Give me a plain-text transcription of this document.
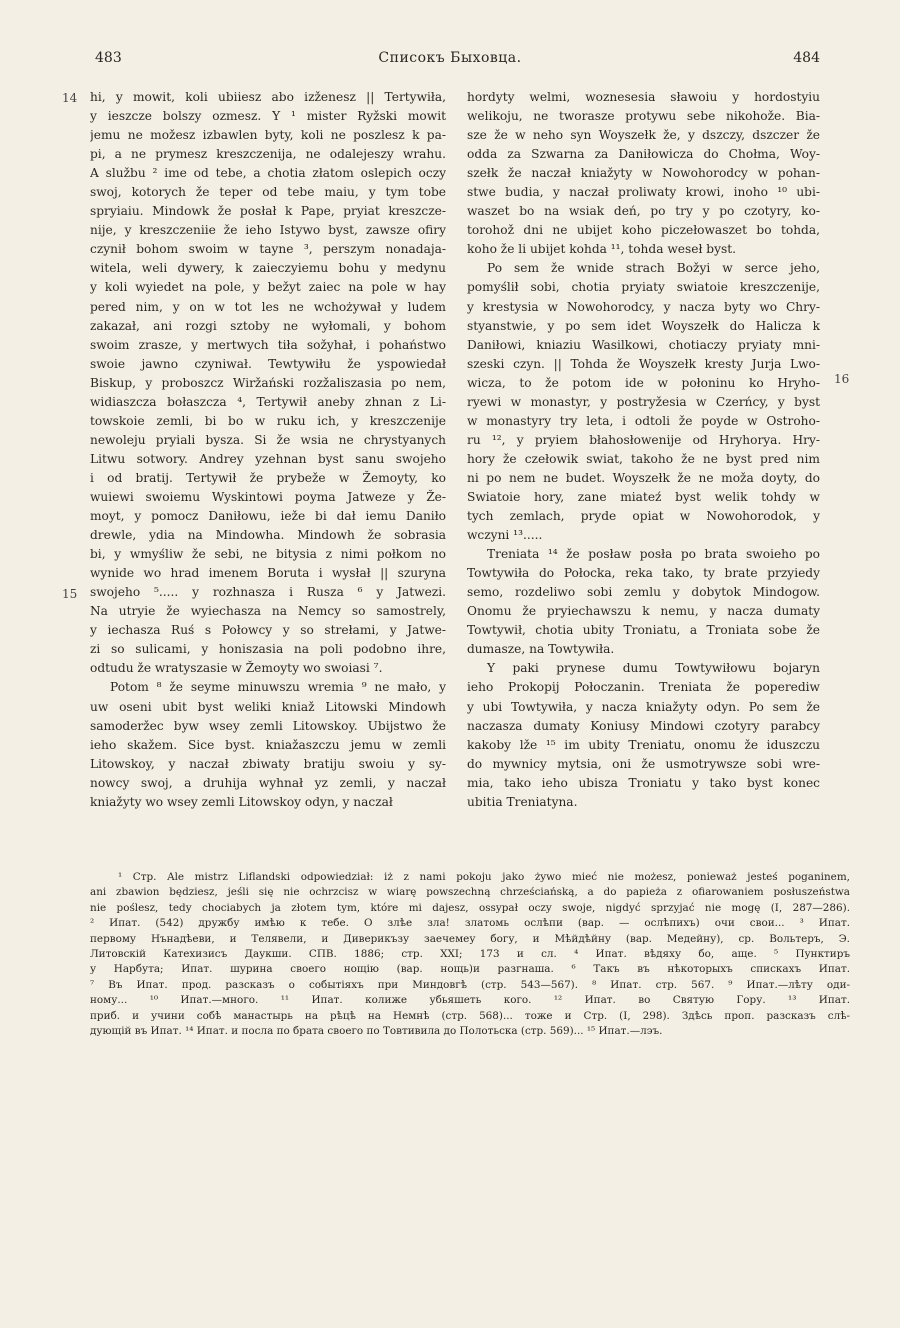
483	Списокъ Быховца.	484
14
15
16
hi, y mowit, koli ubiiesz abo izženesz || Tertywiła,
y ieszcze bolszy ozmesz. Y ¹ mister Ryžski mowit
jemu ne možesz izbawlen byty, koli ne poszlesz k pa-
pi, a ne prymesz kreszczenija, ne odalejeszy wrahu.
A službu ² ime od tebe, a chotia złatom oslepich oczy
swoj, kotorych že teper od tebe maiu, y tym tobe
spryiaiu. Mindowk že posłał k Pape, pryiat kreszcze-
nije, y kreszczeniie že ieho Istywo byst, zawsze ofiry
czynił bohom swoim w tayne ³, perszym nonadaja-
witela, weli dywery, k zaieczyiemu bohu y medynu
y koli wyiedet na pole, y bežyt zaiec na pole w hay
pered nim, y on w tot les ne wchożywał y ludem
zakazał, ani rozgi sztoby ne wyłomali, y bohom
swoim zrasze, y mertwych tiła sožyhał, i pohaństwo
swoie jawno czyniwał. Tewtywiłu že yspowiedał
Biskup, y proboszcz Wiržański rozžaliszasia po nem,
widiaszcza bołaszcza ⁴, Tertywił aneby zhnan z Li-
towskoie zemli, bi bo w ruku ich, y kreszczenije
newoleju pryiali bysza. Si že wsia ne chrystyanych
Litwu sotwory. Andrey yzehnan byst sanu swojeho
i od bratij. Tertywił že prybeže w Žemoyty, ko
wuiewi swoiemu Wyskintowi poyma Jatweze y Že-
moyt, y pomocz Daniłowu, ieže bi dał iemu Daniło
drewle, ydia na Mindowha. Mindowh že sobrasia
bi, y wmyśliw že sebi, ne bitysia z nimi połkom no
wynide wo hrad imenem Boruta i wysłał || szuryna
swojeho ⁵..... y rozhnasza i Rusza ⁶ y Jatwezi.
Na utryie že wyiechasza na Nemcy so samostrely,
y iechasza Ruś s Połowcy y so strełami, y Jatwe-
zi so sulicami, y honiszasia na poli podobno ihre,
odtudu že wratyszasie w Žemoyty wo swoiasi ⁷.
Potom ⁸ že seyme minuwszu wremia ⁹ ne mało, y
uw oseni ubit byst weliki kniaž Litowski Mindowh
samoderžec byw wsey zemli Litowskoy. Ubijstwo že
ieho skažem. Sice byst. kniažaszczu jemu w zemli
Litowskoy, y naczał zbiwaty bratiju swoiu y sy-
nowcy swoj, a druhija wyhnał yz zemli, y naczał
kniažyty wo wsey zemli Litowskoy odyn, y naczał
hordyty welmi, woznesesia sławoiu y hordostyiu
welikoju, ne tworasze protywu sebe nikohože. Bia-
sze že w neho syn Woyszełk že, y dszczy, dszczer že
odda za Szwarna za Daniłowicza do Chołma, Woy-
szełk že naczał kniažyty w Nowohorodcy w pohan-
stwe budia, y naczał proliwaty krowi, inoho ¹⁰ ubi-
waszet bo na wsiak deń, po try y po czotyry, ko-
torohož dni ne ubijet koho piczełowaszet bo tohda,
koho že li ubijet kohda ¹¹, tohda weseł byst.
Po sem že wnide strach Božyi w serce jeho,
pomyślił sobi, chotia pryiaty swiatoie kreszczenije,
y krestysia w Nowohorodcy, y nacza byty wo Chry-
styanstwie, y po sem idet Woyszełk do Halicza k
Daniłowi, kniaziu Wasilkowi, chotiaczy pryiaty mni-
szeski czyn. || Tohda že Woyszełk kresty Jurja Lwo-
wicza, to že potom ide w połoninu ko Hryho-
ryewi w monastyr, y postryžesia w Czerńcy, y byst
w monastyry try leta, i odtoli že poyde w Ostroho-
ru ¹², y pryiem błahosłowenije od Hryhorya. Hry-
hory že czełowik swiat, takoho že ne byst pred nim
ni po nem ne budet. Woyszełk že ne moža doyty, do
Swiatoie hory, zane miateź byst welik tohdy w
tych zemlach, pryde opiat w Nowohorodok, y
wczyni ¹³.....
Treniata ¹⁴ že posław posła po brata swoieho po
Towtywiła do Połocka, reka tako, ty brate przyiedy
semo, rozdeliwo sobi zemlu y dobytok Mindogow.
Onomu že pryiechawszu k nemu, y nacza dumaty
Towtywił, chotia ubity Troniatu, a Troniata sobe že
dumasze, na Towtywiła.
Y paki prynese dumu Towtywiłowu bojaryn
ieho Prokopij Połoczanin. Treniata že poperediw
y ubi Towtywiła, y nacza kniažyty odyn. Po sem že
naczasza dumaty Koniusy Mindowi czotyry parabcy
kakoby lže ¹⁵ im ubity Treniatu, onomu že iduszczu
do mywnicy mytsia, oni že usmotrywsze sobi wre-
mia, tako ieho ubisza Troniatu y tako byst konec
ubitia Treniatyna.
¹ Стр. Ale mistrz Liflandski odpowiedział: iż z nami pokoju jako żywo mieć nie możesz, ponieważ jesteś poganinem,
ani zbawion będziesz, jeśli się nie ochrzcisz w wiarę powszechną chrześciańską, a do papieża z ofiarowaniem posłuszeństwa
nie poślesz, tedy chociabych ja złotem tym, które mi dajesz, ossypał oczy swoje, nigdyć sprzyjać nie mogę (I, 287—286).
² Ипат. (542) дружбу имѣю к тебе. О злѣе зла! златомь ослѣпи (вар. — ослѣпихъ) очи свои... ³ Ипат.
первому Нънадѣеви, и Телявели, и Диверикъзу заечемеу богу, и Мѣйдѣйну (вар. Медейну), ср. Вольтеръ, Э.
Литовскій Катехизисъ Даукши. СПВ. 1886; стр. XXI; 173 и сл. ⁴ Ипат. вѣдяху бо, аще. ⁵ Пунктиръ
у Нарбута; Ипат. шурина своего нощію (вар. нощь)и разгнаша. ⁶ Такъ въ нѣкоторыхъ спискахъ Ипат.
⁷ Въ Ипат. прод. разсказъ о событіяхъ при Миндовгѣ (стр. 543—567). ⁸ Ипат. стр. 567. ⁹ Ипат.—лѣту оди-
ному... ¹⁰ Ипат.—много. ¹¹ Ипат. колиже убьяшеть кого. ¹² Ипат. во Святую Гору. ¹³ Ипат.
приб. и учини собѣ манастырь на рѣцѣ на Немнѣ (стр. 568)... тоже и Стр. (I, 298). Здѣсь проп. разсказъ слѣ-
дующій въ Ипат. ¹⁴ Ипат. и посла по брата своего по Товтивила до Полотьска (стр. 569)... ¹⁵ Ипат.—лэъ.
